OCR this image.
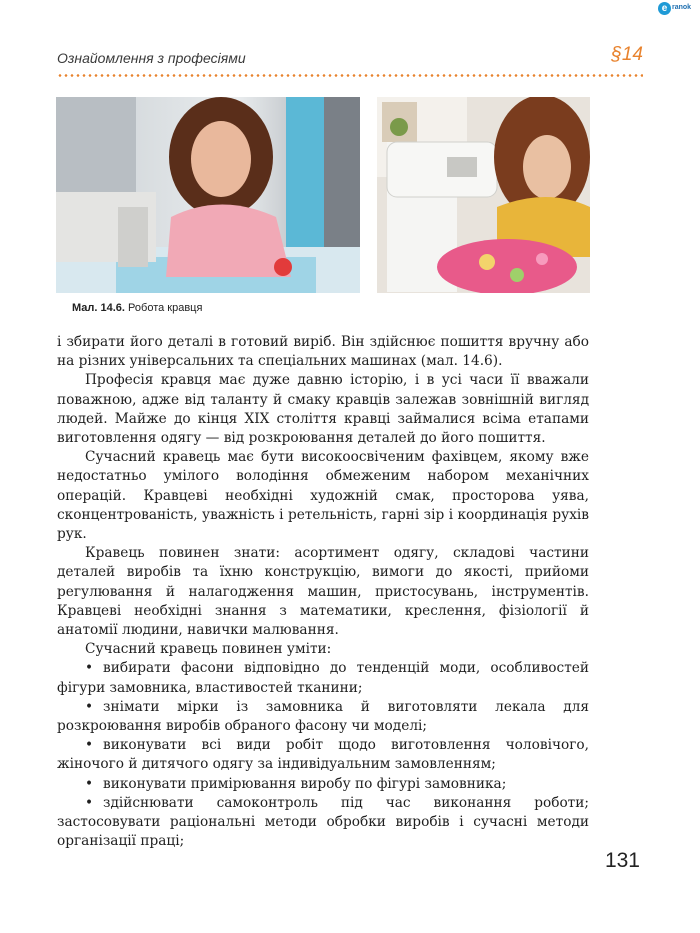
e ranok
Ознайомлення з професіями	§14
Мал. 14.6. Робота кравця

і збирати його деталі в готовий виріб. Він здійснює пошиття вручну або на різних універсальних та спеціальних машинах (мал. 14.6).

Професія кравця має дуже давню історію, і в усі часи її вважали поважною, адже від таланту й смаку кравців залежав зовнішній вигляд людей. Майже до кінця XIX століття кравці займалися всіма етапами виготовлення одягу — від розкроювання деталей до його пошиття.

Сучасний кравець має бути високоосвіченим фахівцем, якому вже недостатньо умілого володіння обмеженим набором механічних операцій. Кравцеві необхідні художній смак, просторова уява, сконцентрованість, уважність і ретельність, гарні зір і координація рухів рук.

Кравець повинен знати: асортимент одягу, складові частини деталей виробів та їхню конструкцію, вимоги до якості, прийоми регулювання й налагодження машин, пристосувань, інструментів. Кравцеві необхідні знання з математики, креслення, фізіології й анатомії людини, навички малювання.

Сучасний кравець повинен уміти:

• вибирати фасони відповідно до тенденцій моди, особливостей фігури замовника, властивостей тканини;

• знімати мірки із замовника й виготовляти лекала для розкроювання виробів обраного фасону чи моделі;

• виконувати всі види робіт щодо виготовлення чоловічого, жіночого й дитячого одягу за індивідуальним замовленням;

• виконувати примірювання виробу по фігурі замовника;

• здійснювати самоконтроль під час виконання роботи; застосовувати раціональні методи обробки виробів і сучасні методи організації праці;

131
